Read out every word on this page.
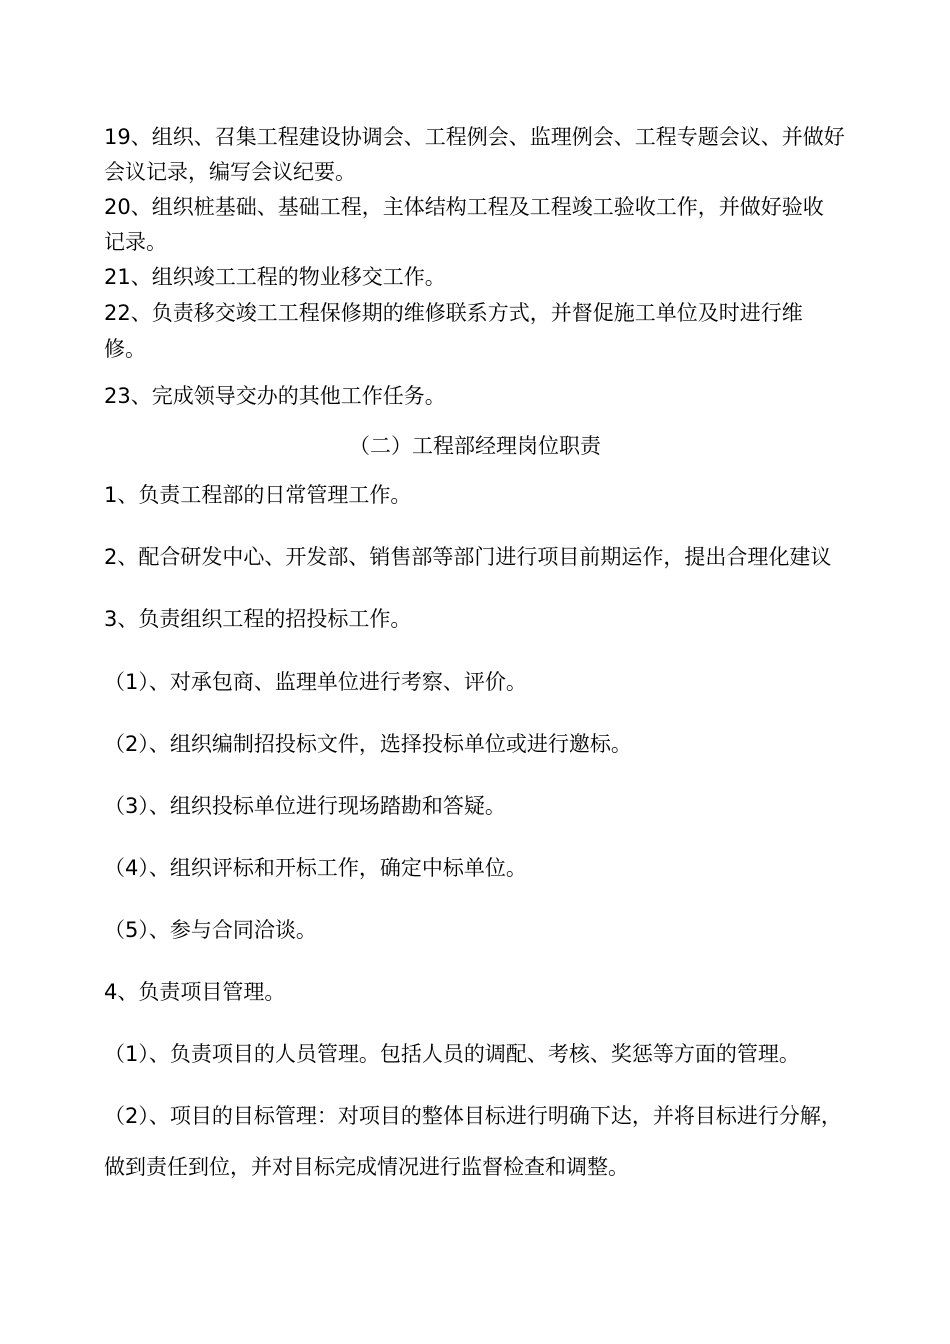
19、组织、召集工程建设协调会、工程例会、监理例会、工程专题会议、并做好
会议记录，编写会议纪要。
20、组织桩基础、基础工程，主体结构工程及工程竣工验收工作，并做好验收
记录。
21、组织竣工工程的物业移交工作。
22、负责移交竣工工程保修期的维修联系方式，并督促施工单位及时进行维
修。
23、完成领导交办的其他工作任务。
（二）工程部经理岗位职责
1、负责工程部的日常管理工作。
2、配合研发中心、开发部、销售部等部门进行项目前期运作，提出合理化建议
3、负责组织工程的招投标工作。
（1）、对承包商、监理单位进行考察、评价。
（2）、组织编制招投标文件，选择投标单位或进行邀标。
（3）、组织投标单位进行现场踏勘和答疑。
（4）、组织评标和开标工作，确定中标单位。
（5）、参与合同洽谈。
4、负责项目管理。
（1）、负责项目的人员管理。包括人员的调配、考核、奖惩等方面的管理。
（2）、项目的目标管理：对项目的整体目标进行明确下达，并将目标进行分解，
做到责任到位，并对目标完成情况进行监督检查和调整。
